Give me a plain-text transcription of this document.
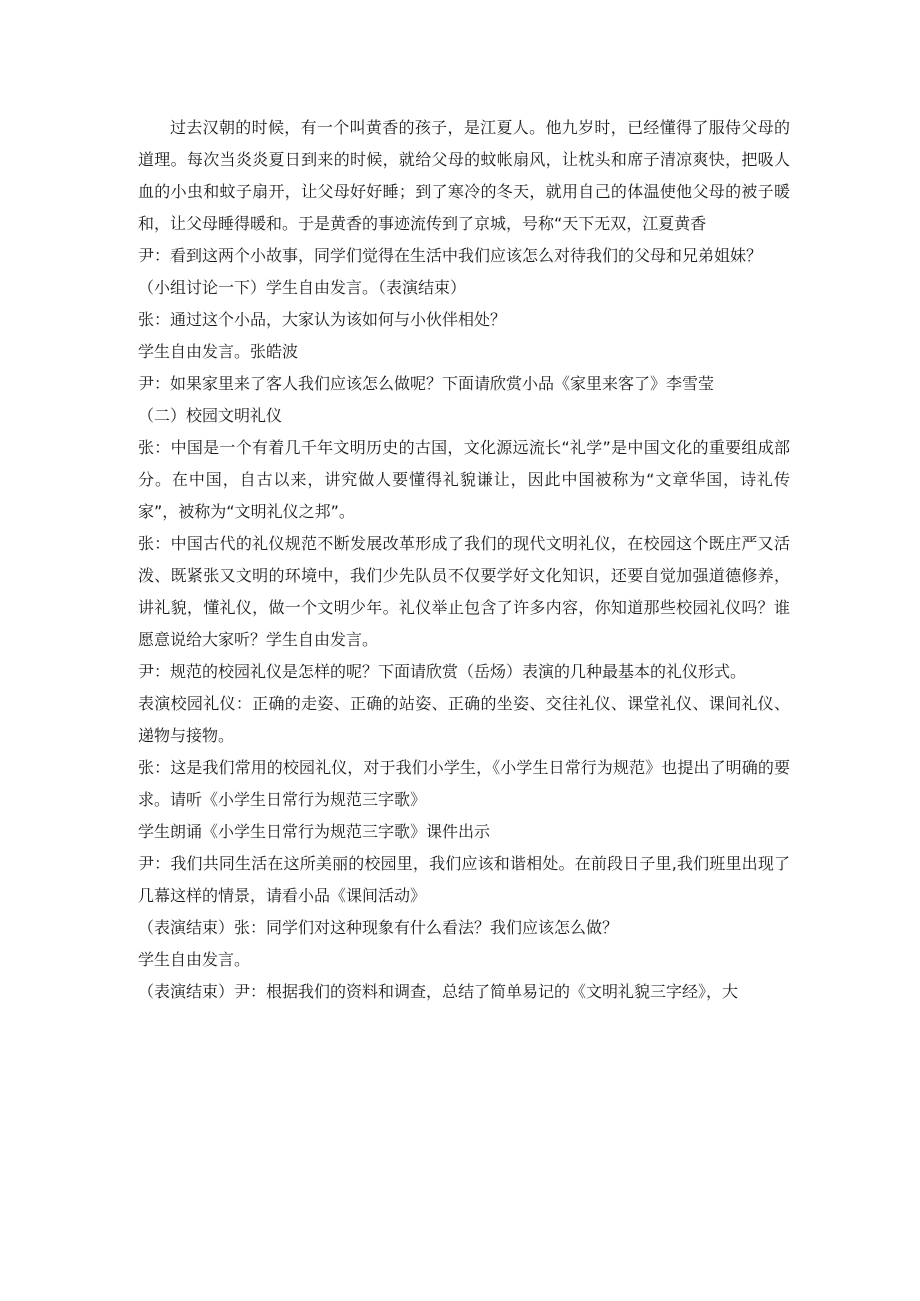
过去汉朝的时候，有一个叫黄香的孩子，是江夏人。他九岁时，已经懂得了服侍父母的道理。每次当炎炎夏日到来的时候，就给父母的蚊帐扇风，让枕头和席子清凉爽快，把吸人血的小虫和蚊子扇开，让父母好好睡；到了寒冷的冬天，就用自己的体温使他父母的被子暖和，让父母睡得暖和。于是黄香的事迹流传到了京城，号称“天下无双，江夏黄香

尹：看到这两个小故事，同学们觉得在生活中我们应该怎么对待我们的父母和兄弟姐妹？

（小组讨论一下）学生自由发言。（表演结束）

张：通过这个小品，大家认为该如何与小伙伴相处？

学生自由发言。张皓波

尹：如果家里来了客人我们应该怎么做呢？下面请欣赏小品《家里来客了》李雪莹

（二）校园文明礼仪

张：中国是一个有着几千年文明历史的古国，文化源远流长“礼学”是中国文化的重要组成部分。在中国，自古以来，讲究做人要懂得礼貌谦让，因此中国被称为“文章华国，诗礼传家”，被称为“文明礼仪之邦”。

张：中国古代的礼仪规范不断发展改革形成了我们的现代文明礼仪，在校园这个既庄严又活泼、既紧张又文明的环境中，我们少先队员不仅要学好文化知识，还要自觉加强道德修养，讲礼貌，懂礼仪，做一个文明少年。礼仪举止包含了许多内容，你知道那些校园礼仪吗？谁愿意说给大家听？学生自由发言。

尹：规范的校园礼仪是怎样的呢？下面请欣赏（岳炀）表演的几种最基本的礼仪形式。

表演校园礼仪：正确的走姿、正确的站姿、正确的坐姿、交往礼仪、课堂礼仪、课间礼仪、递物与接物。

张：这是我们常用的校园礼仪，对于我们小学生，《小学生日常行为规范》也提出了明确的要求。请听《小学生日常行为规范三字歌》

学生朗诵《小学生日常行为规范三字歌》课件出示

尹：我们共同生活在这所美丽的校园里，我们应该和谐相处。在前段日子里,我们班里出现了几幕这样的情景，请看小品《课间活动》

（表演结束）张：同学们对这种现象有什么看法？我们应该怎么做？

学生自由发言。

（表演结束）尹：根据我们的资料和调查，总结了简单易记的《文明礼貌三字经》，大
